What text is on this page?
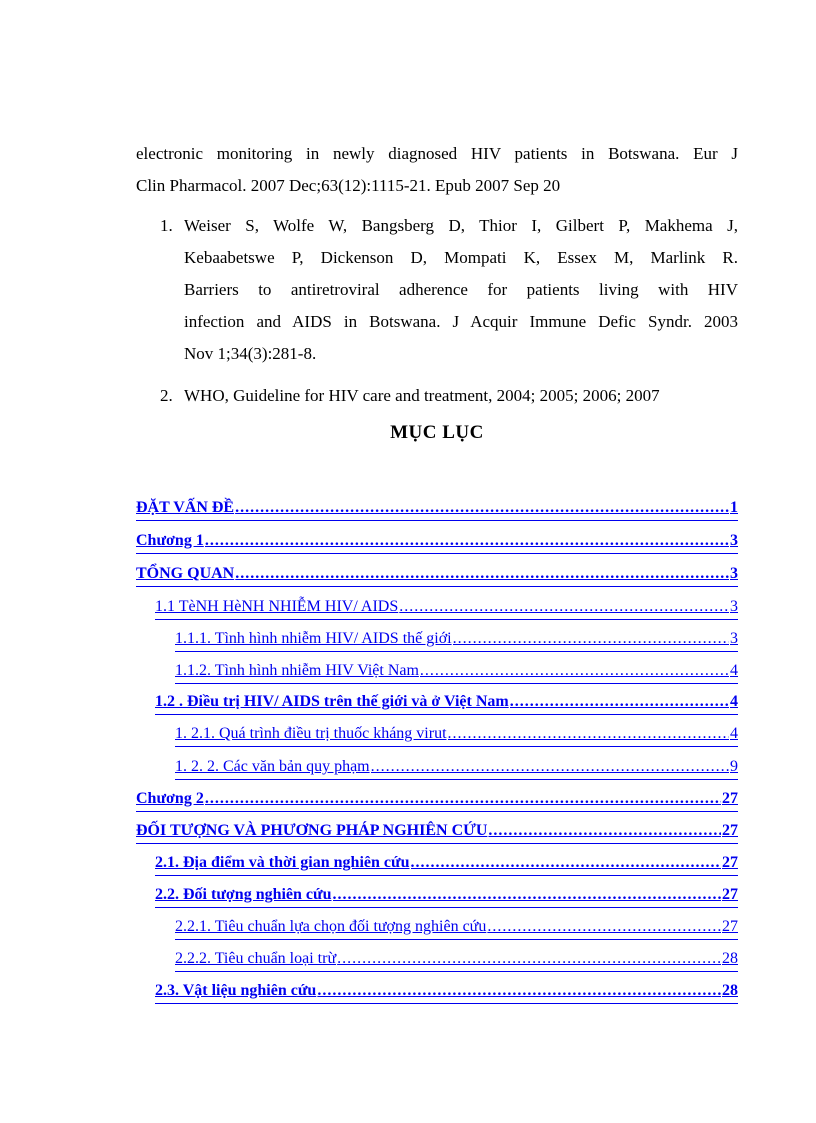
electronic monitoring in newly diagnosed HIV patients in Botswana. Eur J
Clin Pharmacol. 2007 Dec;63(12):1115-21. Epub 2007 Sep 20
1. Weiser S, Wolfe W, Bangsberg D, Thior I, Gilbert P, Makhema J,
Kebaabetswe P, Dickenson D, Mompati K, Essex M, Marlink R.
Barriers to antiretroviral adherence for patients living with HIV
infection and AIDS in Botswana. J Acquir Immune Defic Syndr. 2003
Nov 1;34(3):281-8.
2. WHO, Guideline for HIV care and treatment, 2004; 2005; 2006; 2007
MỤC LỤC
ĐẶT VẤN ĐỀ .....	1
Chương 1 .....	3
TỔNG QUAN .....	3
1.1 TèNH HèNH NHIỄM HIV/ AIDS .....	3
1.1.1. Tình hình nhiễm HIV/ AIDS thế giới .....	3
1.1.2. Tình hình nhiễm HIV Việt Nam .....	4
1.2 . Điều trị HIV/ AIDS trên thế giới và ở Việt Nam .....	4
1. 2.1. Quá trình điều trị thuốc kháng virut .....	4
1. 2. 2. Các văn bản quy phạm .....	9
Chương 2 .....	27
ĐỐI TƯỢNG VÀ PHƯƠNG PHÁP NGHIÊN CỨU .....	27
2.1. Địa điểm và thời gian nghiên cứu .....	27
2.2. Đối tượng nghiên cứu .....	27
2.2.1. Tiêu chuẩn lựa chọn đối tượng nghiên cứu .....	27
2.2.2. Tiêu chuẩn loại trừ .....	28
2.3. Vật liệu nghiên cứu .....	28
